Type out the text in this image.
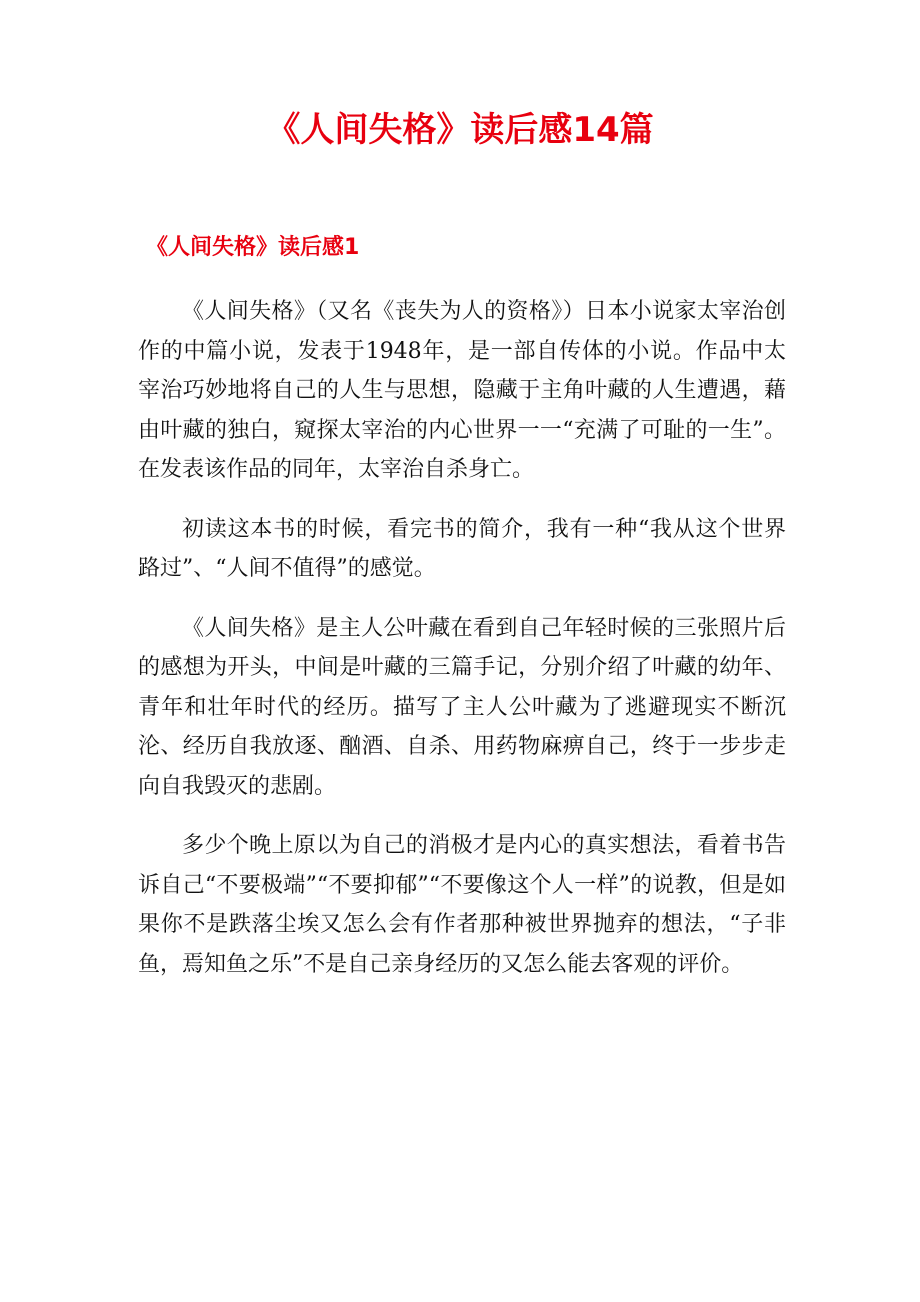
《人间失格》读后感14篇
《人间失格》读后感1

《人间失格》（又名《丧失为人的资格》）日本小说家太宰治创作的中篇小说，发表于1948年，是一部自传体的小说。作品中太宰治巧妙地将自己的人生与思想，隐藏于主角叶藏的人生遭遇，藉由叶藏的独白，窥探太宰治的内心世界一一“充满了可耻的一生”。在发表该作品的同年，太宰治自杀身亡。

初读这本书的时候，看完书的简介，我有一种“我从这个世界路过”、“人间不值得”的感觉。

《人间失格》是主人公叶藏在看到自己年轻时候的三张照片后的感想为开头，中间是叶藏的三篇手记，分别介绍了叶藏的幼年、青年和壮年时代的经历。描写了主人公叶藏为了逃避现实不断沉沦、经历自我放逐、酗酒、自杀、用药物麻痹自己，终于一步步走向自我毁灭的悲剧。

多少个晚上原以为自己的消极才是内心的真实想法，看着书告诉自己“不要极端”“不要抑郁”“不要像这个人一样”的说教，但是如果你不是跌落尘埃又怎么会有作者那种被世界抛弃的想法，“子非鱼，焉知鱼之乐”不是自己亲身经历的又怎么能去客观的评价。
